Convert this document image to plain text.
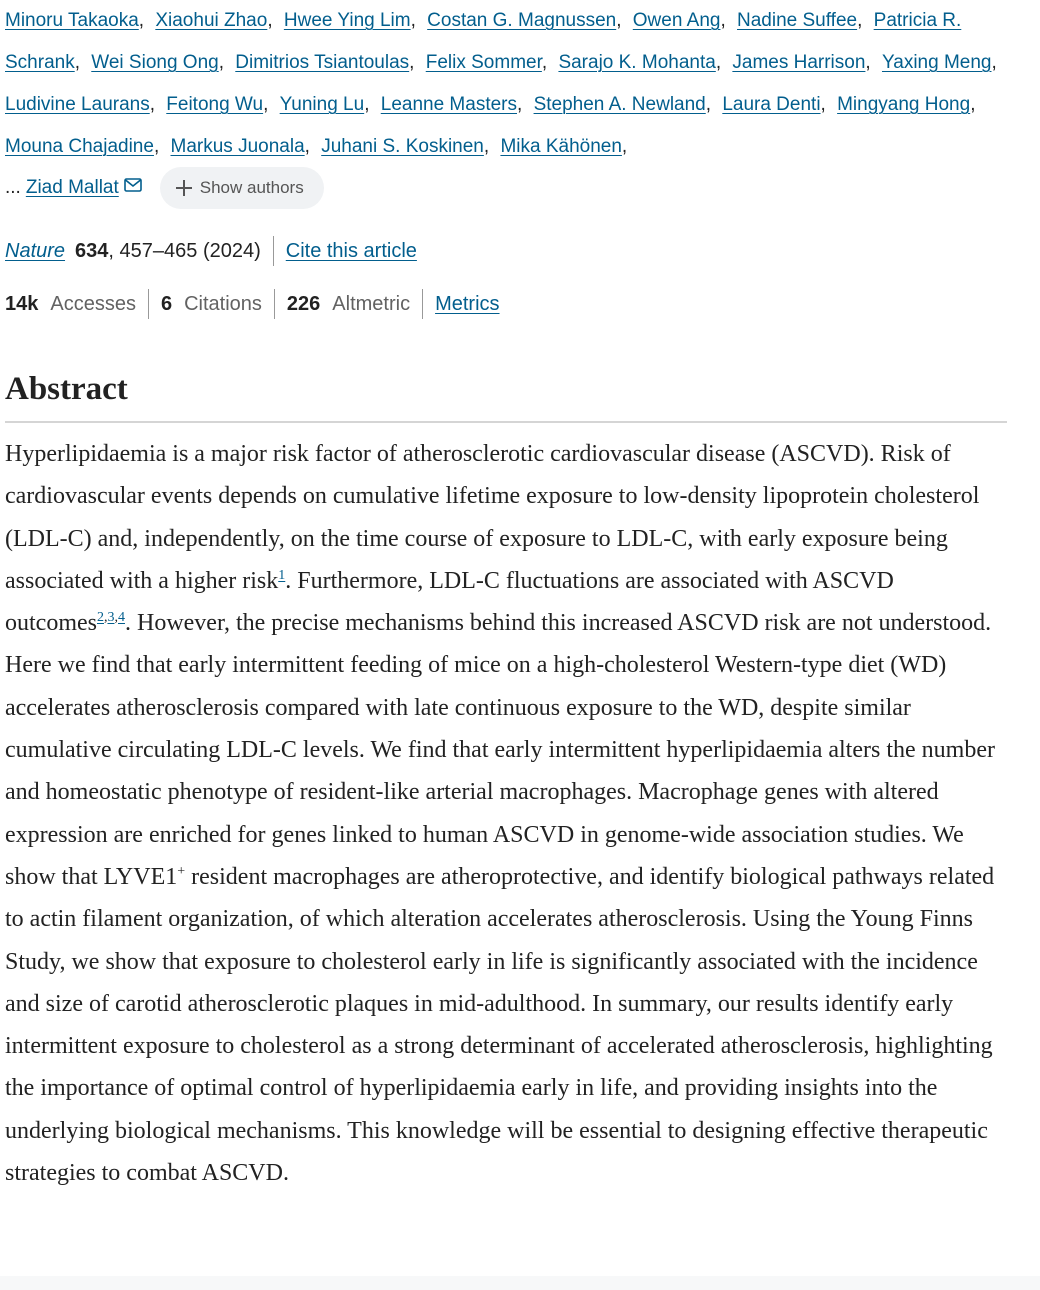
Minoru Takaoka, Xiaohui Zhao, Hwee Ying Lim, Costan G. Magnussen, Owen Ang, Nadine Suffee, Patricia R. Schrank, Wei Siong Ong, Dimitrios Tsiantoulas, Felix Sommer, Sarajo K. Mohanta, James Harrison, Yaxing Meng, Ludivine Laurans, Feitong Wu, Yuning Lu, Leanne Masters, Stephen A. Newland, Laura Denti, Mingyang Hong, Mouna Chajadine, Markus Juonala, Juhani S. Koskinen, Mika Kähönen,
... Ziad Mallat	Show authors
Nature 634 , 457–465 (2024) Cite this article
14k Accesses 6 Citations 226 Altmetric Metrics
Abstract

Hyperlipidaemia is a major risk factor of atherosclerotic cardiovascular disease (ASCVD). Risk of cardiovascular events depends on cumulative lifetime exposure to low-density lipoprotein cholesterol (LDL-C) and, independently, on the time course of exposure to LDL-C, with early exposure being associated with a higher risk$^1$. Furthermore, LDL-C fluctuations are associated with ASCVD outcomes$^{2,3,4}$. However, the precise mechanisms behind this increased ASCVD risk are not understood. Here we find that early intermittent feeding of mice on a high-cholesterol Western-type diet (WD) accelerates atherosclerosis compared with late continuous exposure to the WD, despite similar cumulative circulating LDL-C levels. We find that early intermittent hyperlipidaemia alters the number and homeostatic phenotype of resident-like arterial macrophages. Macrophage genes with altered expression are enriched for genes linked to human ASCVD in genome-wide association studies. We show that LYVE1+ resident macrophages are atheroprotective, and identify biological pathways related to actin filament organization, of which alteration accelerates atherosclerosis. Using the Young Finns Study, we show that exposure to cholesterol early in life is significantly associated with the incidence and size of carotid atherosclerotic plaques in mid-adulthood. In summary, our results identify early intermittent exposure to cholesterol as a strong determinant of accelerated atherosclerosis, highlighting the importance of optimal control of hyperlipidaemia early in life, and providing insights into the underlying biological mechanisms. This knowledge will be essential to designing effective therapeutic strategies to combat ASCVD.
